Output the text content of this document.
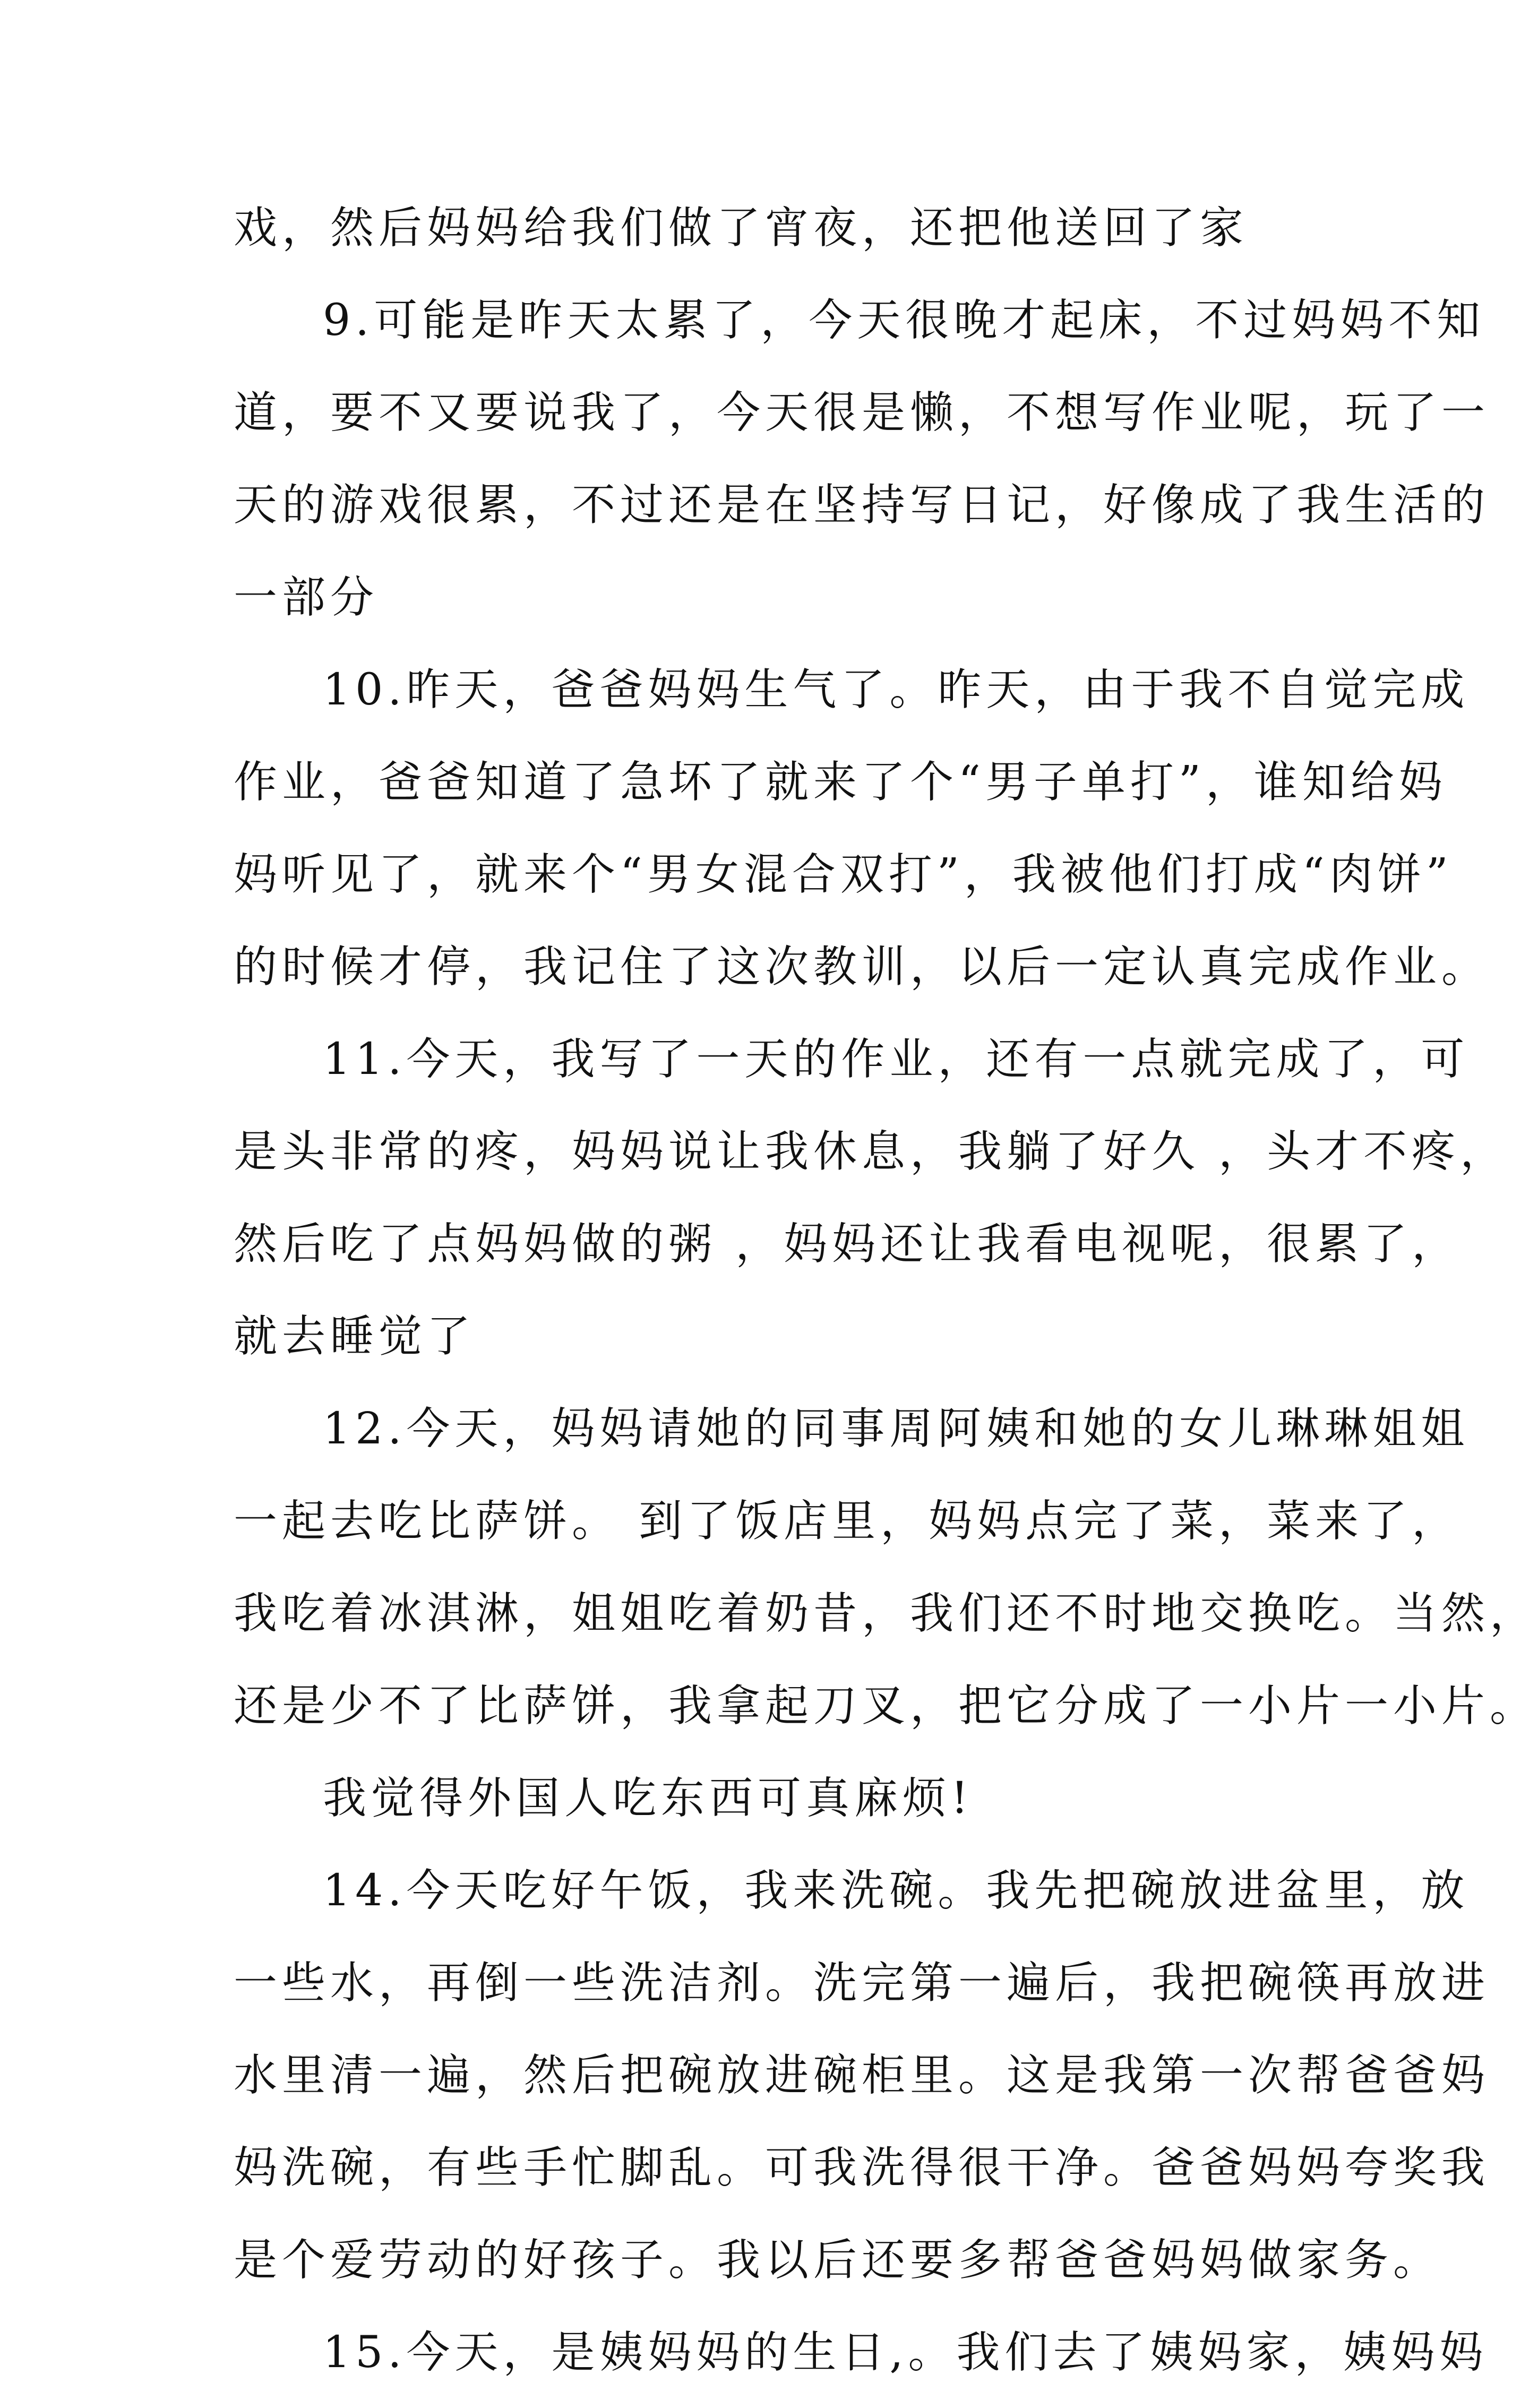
戏，然后妈妈给我们做了宵夜，还把他送回了家
9.可能是昨天太累了，今天很晚才起床，不过妈妈不知
道，要不又要说我了，今天很是懒，不想写作业呢，玩了一
天的游戏很累，不过还是在坚持写日记，好像成了我生活的
一部分
10.昨天，爸爸妈妈生气了。昨天，由于我不自觉完成
作业，爸爸知道了急坏了就来了个“男子单打”，谁知给妈
妈听见了，就来个“男女混合双打”，我被他们打成“肉饼”
的时候才停，我记住了这次教训，以后一定认真完成作业。
11.今天，我写了一天的作业，还有一点就完成了，可
是头非常的疼，妈妈说让我休息，我躺了好久 ，头才不疼，
然后吃了点妈妈做的粥 ，妈妈还让我看电视呢，很累了，
就去睡觉了
12.今天，妈妈请她的同事周阿姨和她的女儿琳琳姐姐
一起去吃比萨饼。 到了饭店里，妈妈点完了菜，菜来了，
我吃着冰淇淋，姐姐吃着奶昔，我们还不时地交换吃。当然，
还是少不了比萨饼，我拿起刀叉，把它分成了一小片一小片。
我觉得外国人吃东西可真麻烦!
14.今天吃好午饭，我来洗碗。我先把碗放进盆里，放
一些水，再倒一些洗洁剂。洗完第一遍后，我把碗筷再放进
水里清一遍，然后把碗放进碗柜里。这是我第一次帮爸爸妈
妈洗碗，有些手忙脚乱。可我洗得很干净。爸爸妈妈夸奖我
是个爱劳动的好孩子。我以后还要多帮爸爸妈妈做家务。
15.今天，是姨妈妈的生日,。我们去了姨妈家，姨妈妈
